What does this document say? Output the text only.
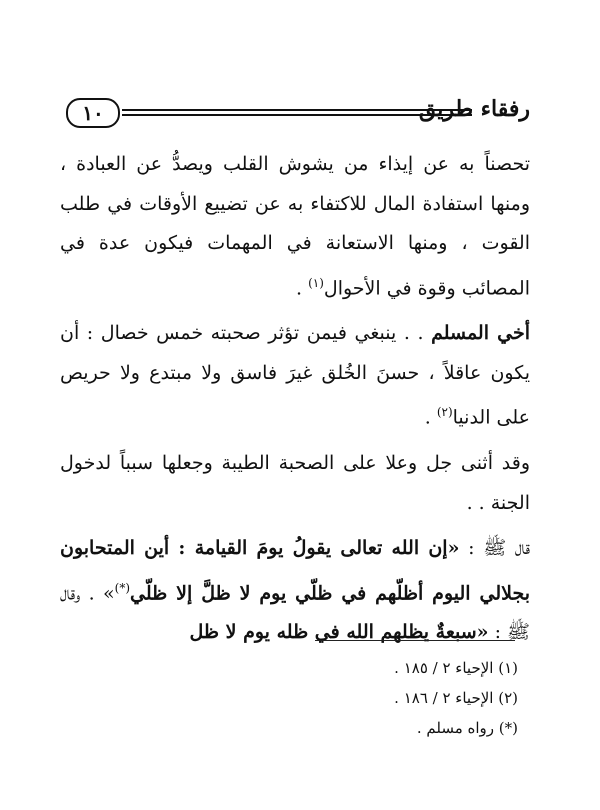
١٠	رفقاء طريق

تحصناً به عن إيذاء من يشوش القلب ويصدُّ عن العبادة ، ومنها استفادة المال للاكتفاء به عن تضييع الأوقات في طلب القوت ، ومنها الاستعانة في المهمات فيكون عدة في المصائب وقوة في الأحوال$^{(١)}$ .

أخي المسلم . . ينبغي فيمن تؤثر صحبته خمس خصال : أن يكون عاقلاً ، حسنَ الخُلق غيرَ فاسق ولا مبتدع ولا حريص على الدنيا$^{(٢)}$ .

وقد أثنى جل وعلا على الصحبة الطيبة وجعلها سبباً لدخول الجنة . .

قال ﷺ : «إن الله تعالى يقولُ يومَ القيامة : أين المتحابون بجلالي اليوم أظلّهم في ظلّي يوم لا ظلَّ إلا ظلّي(*)» . وقال ﷺ : «سبعةٌ يظلهم الله في ظله يوم لا ظل

(١) الإحياء ٢ / ١٨٥ .

(٢) الإحياء ٢ / ١٨٦ .

(*) رواه مسلم .
